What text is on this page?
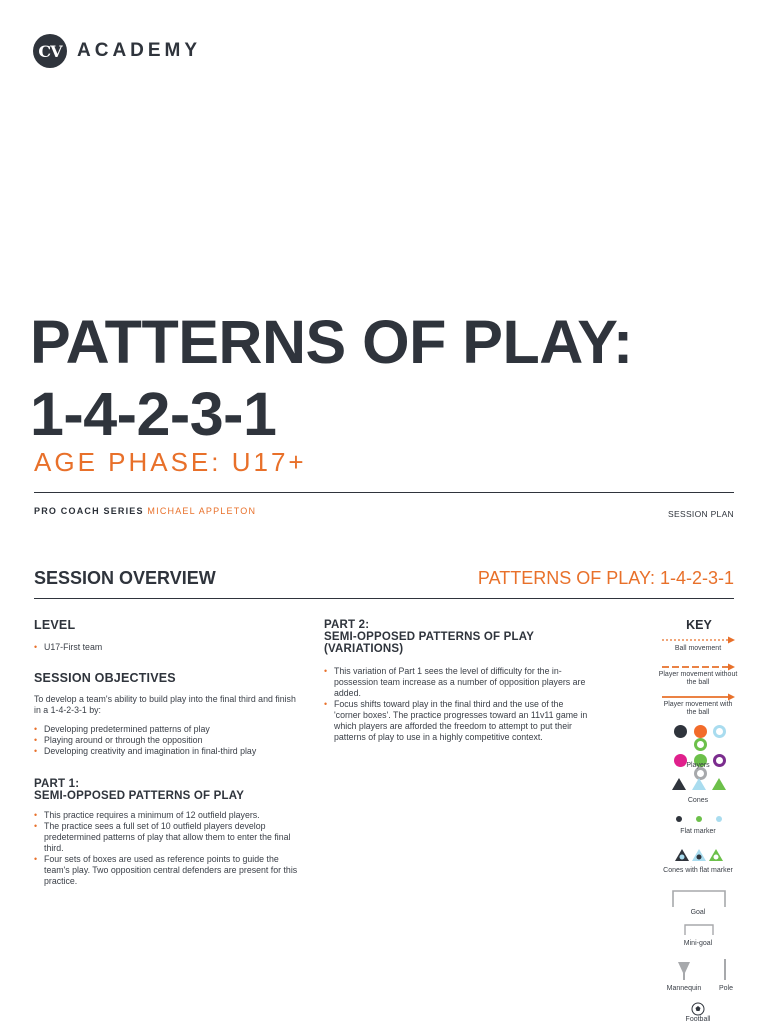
CV ACADEMY
PATTERNS OF PLAY:
1-4-2-3-1
AGE PHASE: U17+
PRO COACH SERIES MICHAEL APPLETON	SESSION PLAN
SESSION OVERVIEW	PATTERNS OF PLAY: 1-4-2-3-1
LEVEL
• U17-First team
SESSION OBJECTIVES

To develop a team's ability to build play into the final third and finish in a 1-4-2-3-1 by:

• Developing predetermined patterns of play
• Playing around or through the opposition
• Developing creativity and imagination in final-third play
PART 1:
SEMI-OPPOSED PATTERNS OF PLAY
• This practice requires a minimum of 12 outfield players.
• The practice sees a full set of 10 outfield players develop predetermined patterns of play that allow them to enter the final third.
• Four sets of boxes are used as reference points to guide the team's play. Two opposition central defenders are present for this practice.
PART 2:
SEMI-OPPOSED PATTERNS OF PLAY
(VARIATIONS)
• This variation of Part 1 sees the level of difficulty for the in-possession team increase as a number of opposition players are added.
• Focus shifts toward play in the final third and the use of the 'corner boxes'. The practice progresses toward an 11v11 game in which players are afforded the freedom to attempt to put their patterns of play to use in a highly competitive context.
KEY
Ball movement
Player movement without the ball
Player movement with the ball

Players

Cones

Flat marker
Cones with flat marker
Goal
Mini-goal
Mannequin	Pole
Football
